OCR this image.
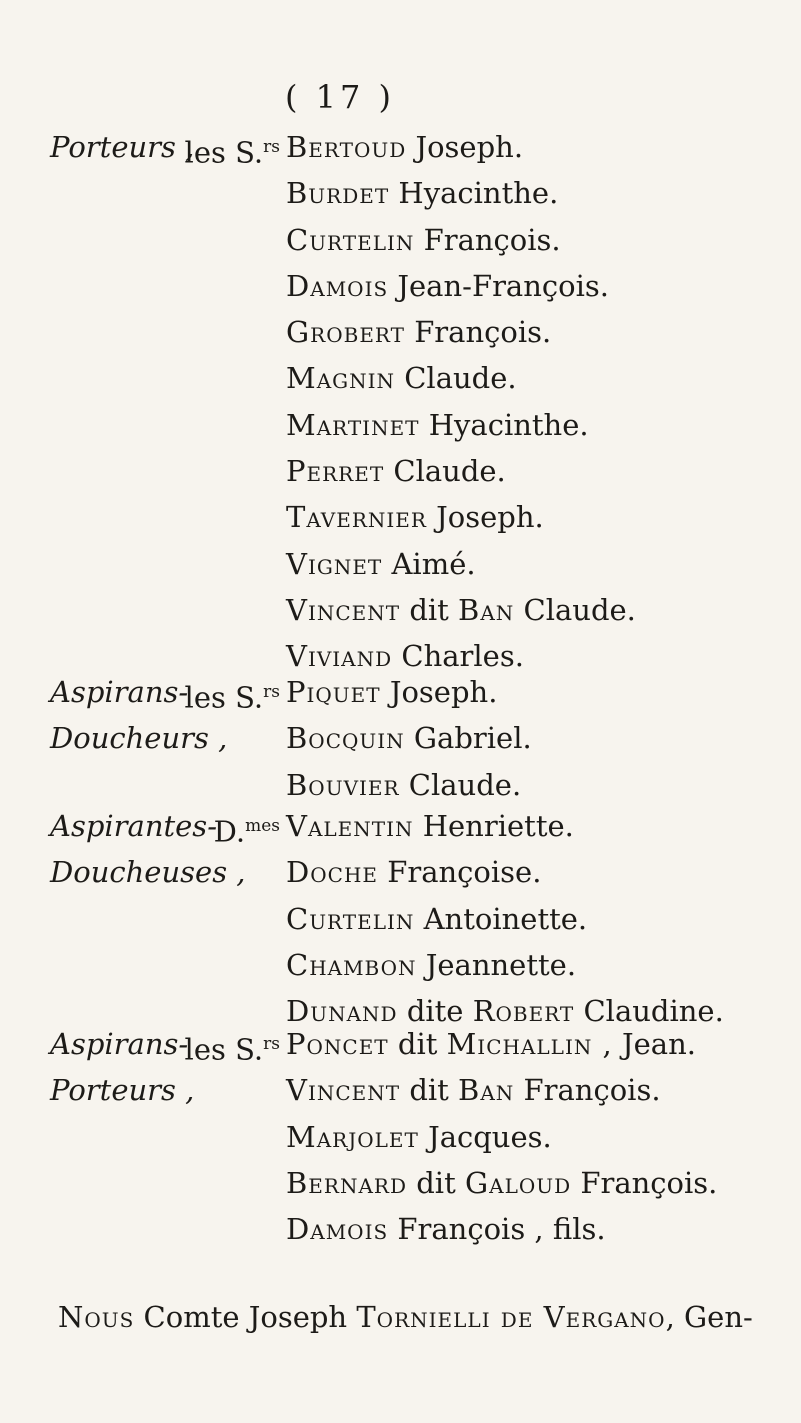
( 17 )
Porteurs ,
les S.$^{rs}$ Bertoud Joseph.
Burdet Hyacinthe.
Curtelin François.
Damois Jean-François.
Grobert François.
Magnin Claude.
Martinet Hyacinthe.
Perret Claude.
Tavernier Joseph.
Vignet Aimé.
Vincent dit Ban Claude.
Viviand Charles.
Aspirans-
Doucheurs ,
les S.$^{rs}$ Piquet Joseph.
Bocquin Gabriel.
Bouvier Claude.
Aspirantes-
Doucheuses ,
D.$^{mes}$ Valentin Henriette.
Doche Françoise.
Curtelin Antoinette.
Chambon Jeannette.
Dunand dite Robert Claudine.
Aspirans-
Porteurs ,
les S.$^{rs}$ Poncet dit Michallin , Jean.
Vincent dit Ban François.
Marjolet Jacques.
Bernard dit Galoud François.
Damois François , fils.
Nous Comte Joseph Tornielli de Vergano, Gen-
